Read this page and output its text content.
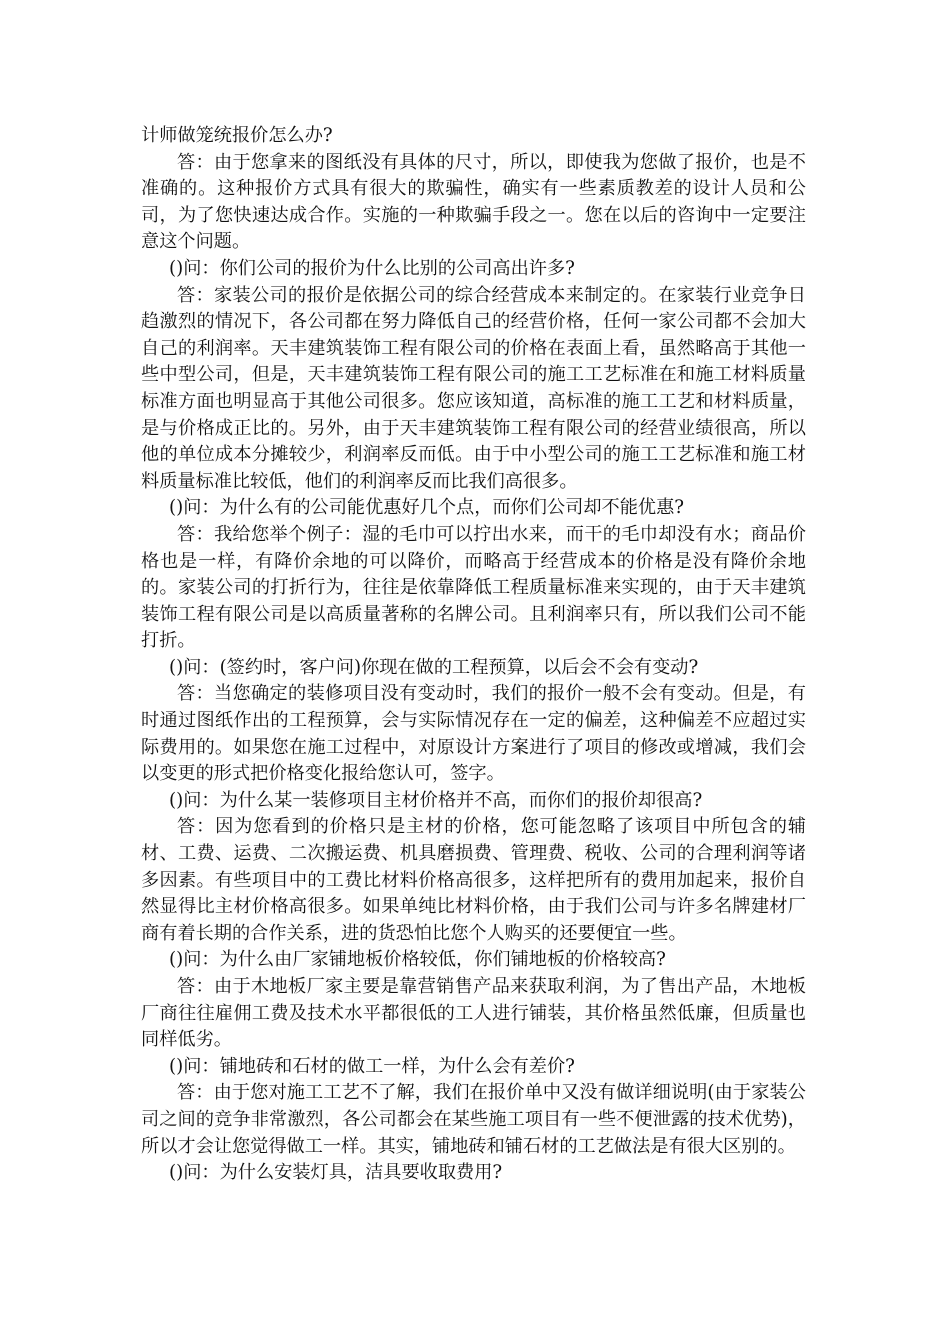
计师做笼统报价怎么办?

答：由于您拿来的图纸没有具体的尺寸，所以，即使我为您做了报价，也是不准确的。这种报价方式具有很大的欺骗性，确实有一些素质教差的设计人员和公司，为了您快速达成合作。实施的一种欺骗手段之一。您在以后的咨询中一定要注意这个问题。

()问：你们公司的报价为什么比别的公司高出许多?

答：家装公司的报价是依据公司的综合经营成本来制定的。在家装行业竞争日趋激烈的情况下，各公司都在努力降低自己的经营价格，任何一家公司都不会加大自己的利润率。天丰建筑装饰工程有限公司的价格在表面上看，虽然略高于其他一些中型公司，但是，天丰建筑装饰工程有限公司的施工工艺标准在和施工材料质量标准方面也明显高于其他公司很多。您应该知道，高标准的施工工艺和材料质量，是与价格成正比的。另外，由于天丰建筑装饰工程有限公司的经营业绩很高，所以他的单位成本分摊较少，利润率反而低。由于中小型公司的施工工艺标准和施工材料质量标准比较低，他们的利润率反而比我们高很多。

()问：为什么有的公司能优惠好几个点，而你们公司却不能优惠?

答：我给您举个例子：湿的毛巾可以拧出水来，而干的毛巾却没有水；商品价格也是一样，有降价余地的可以降价，而略高于经营成本的价格是没有降价余地的。家装公司的打折行为，往往是依靠降低工程质量标准来实现的，由于天丰建筑装饰工程有限公司是以高质量著称的名牌公司。且利润率只有，所以我们公司不能打折。

()问：(签约时，客户问)你现在做的工程预算，以后会不会有变动?

答：当您确定的装修项目没有变动时，我们的报价一般不会有变动。但是，有时通过图纸作出的工程预算，会与实际情况存在一定的偏差，这种偏差不应超过实际费用的。如果您在施工过程中，对原设计方案进行了项目的修改或增减，我们会以变更的形式把价格变化报给您认可，签字。

()问：为什么某一装修项目主材价格并不高，而你们的报价却很高?

答：因为您看到的价格只是主材的价格，您可能忽略了该项目中所包含的辅材、工费、运费、二次搬运费、机具磨损费、管理费、税收、公司的合理利润等诸多因素。有些项目中的工费比材料价格高很多，这样把所有的费用加起来，报价自然显得比主材价格高很多。如果单纯比材料价格，由于我们公司与许多名牌建材厂商有着长期的合作关系，进的货恐怕比您个人购买的还要便宜一些。

()问：为什么由厂家铺地板价格较低，你们铺地板的价格较高?

答：由于木地板厂家主要是靠营销售产品来获取利润，为了售出产品，木地板厂商往往雇佣工费及技术水平都很低的工人进行铺装，其价格虽然低廉，但质量也同样低劣。

()问：铺地砖和石材的做工一样，为什么会有差价?

答：由于您对施工工艺不了解，我们在报价单中又没有做详细说明(由于家装公司之间的竞争非常激烈，各公司都会在某些施工项目有一些不便泄露的技术优势)，所以才会让您觉得做工一样。其实，铺地砖和铺石材的工艺做法是有很大区别的。

()问：为什么安装灯具，洁具要收取费用?
